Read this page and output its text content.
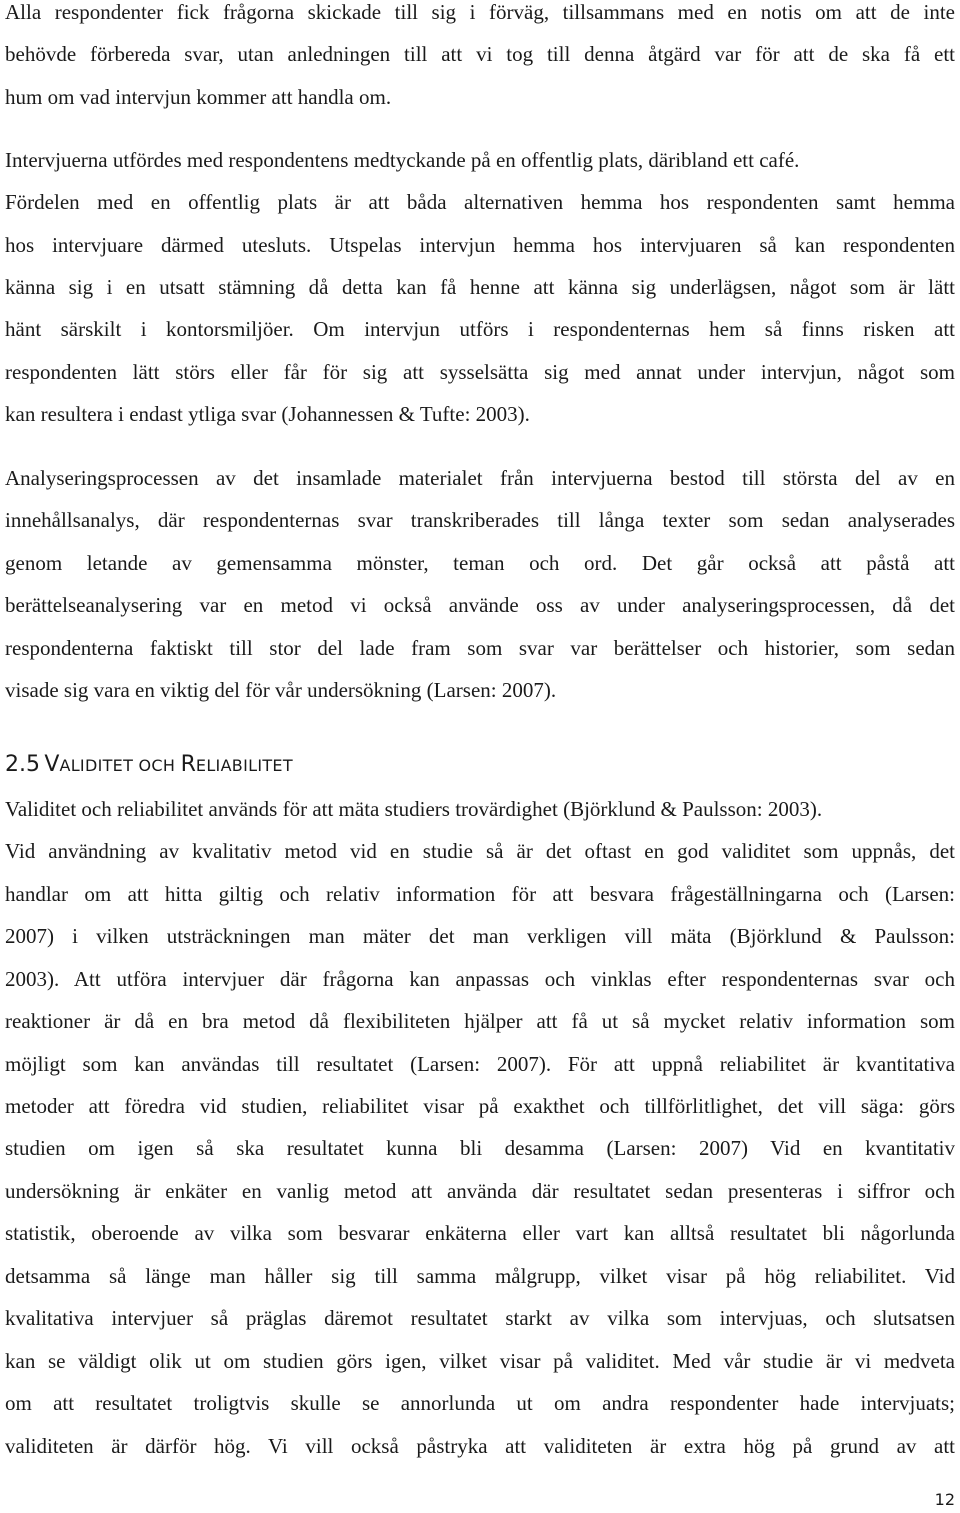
Alla respondenter fick frågorna skickade till sig i förväg, tillsammans med en notis om att de inte
behövde förbereda svar, utan anledningen till att vi tog till denna åtgärd var för att de ska få ett
hum om vad intervjun kommer att handla om.
Intervjuerna utfördes med respondentens medtyckande på en offentlig plats, däribland ett café.
Fördelen med en offentlig plats är att båda alternativen hemma hos respondenten samt hemma
hos intervjuare därmed utesluts. Utspelas intervjun hemma hos intervjuaren så kan respondenten
känna sig i en utsatt stämning då detta kan få henne att känna sig underlägsen, något som är lätt
hänt särskilt i kontorsmiljöer. Om intervjun utförs i respondenternas hem så finns risken att
respondenten lätt störs eller får för sig att sysselsätta sig med annat under intervjun, något som
kan resultera i endast ytliga svar (Johannessen & Tufte: 2003).
Analyseringsprocessen av det insamlade materialet från intervjuerna bestod till största del av en
innehållsanalys, där respondenternas svar transkriberades till långa texter som sedan analyserades
genom letande av gemensamma mönster, teman och ord. Det går också att påstå att
berättelseanalysering var en metod vi också använde oss av under analyseringsprocessen, då det
respondenterna faktiskt till stor del lade fram som svar var berättelser och historier, som sedan
visade sig vara en viktig del för vår undersökning (Larsen: 2007).
2.5  VALIDITET OCH RELIABILITET
Validitet och reliabilitet används för att mäta studiers trovärdighet (Björklund & Paulsson: 2003).
Vid användning av kvalitativ metod vid en studie så är det oftast en god validitet som uppnås, det
handlar om att hitta giltig och relativ information för att besvara frågeställningarna och (Larsen:
2007) i vilken utsträckningen man mäter det man verkligen vill mäta (Björklund & Paulsson:
2003). Att utföra intervjuer där frågorna kan anpassas och vinklas efter respondenternas svar och
reaktioner är då en bra metod då flexibiliteten hjälper att få ut så mycket relativ information som
möjligt som kan användas till resultatet (Larsen: 2007). För att uppnå reliabilitet är kvantitativa
metoder att föredra vid studien, reliabilitet visar på exakthet och tillförlitlighet, det vill säga: görs
studien om igen så ska resultatet kunna bli desamma (Larsen: 2007) Vid en kvantitativ
undersökning är enkäter en vanlig metod att använda där resultatet sedan presenteras i siffror och
statistik, oberoende av vilka som besvarar enkäterna eller vart kan alltså resultatet bli någorlunda
detsamma så länge man håller sig till samma målgrupp, vilket visar på hög reliabilitet. Vid
kvalitativa intervjuer så präglas däremot resultatet starkt av vilka som intervjuas, och slutsatsen
kan se väldigt olik ut om studien görs igen, vilket visar på validitet. Med vår studie är vi medveta
om att resultatet troligtvis skulle se annorlunda ut om andra respondenter hade intervjuats;
validiteten är därför hög. Vi vill också påstryka att validiteten är extra hög på grund av att
12
